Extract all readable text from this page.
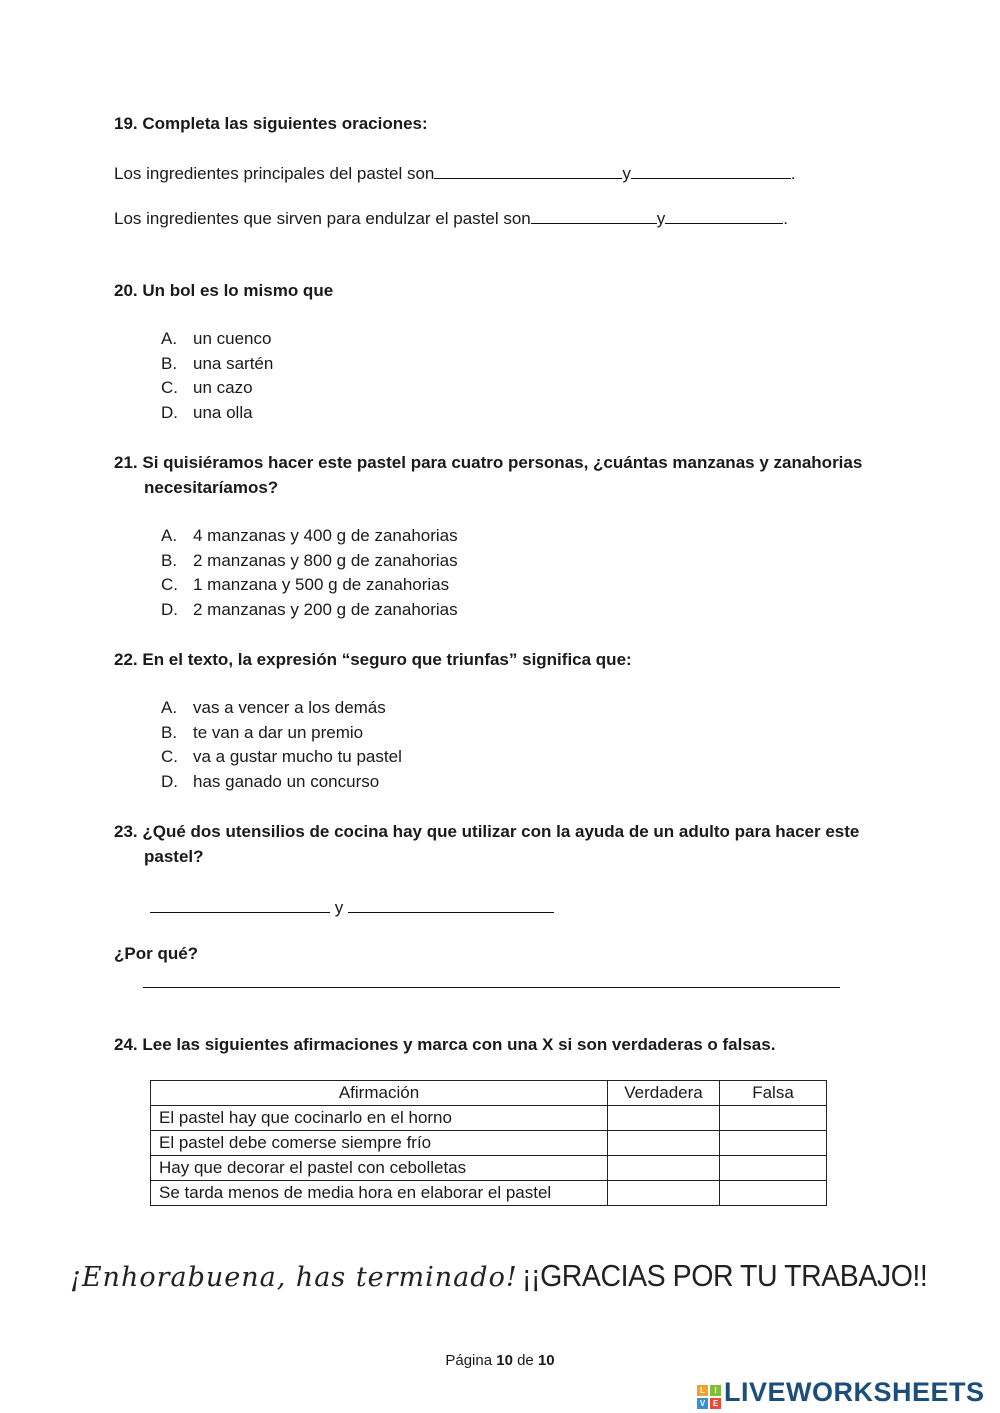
19. Completa las siguientes oraciones:
Los ingredientes principales del pastel son	y	.
Los ingredientes que sirven para endulzar el pastel son	y	.
20. Un bol es lo mismo que
A. un cuenco
B. una sartén
C. un cazo
D. una olla
21. Si quisiéramos hacer este pastel para cuatro personas, ¿cuántas manzanas y zanahorias
necesitaríamos?
A. 4 manzanas y 400 g de zanahorias
B. 2 manzanas y 800 g de zanahorias
C. 1 manzana y 500 g de zanahorias
D. 2 manzanas y 200 g de zanahorias
22. En el texto, la expresión “seguro que triunfas” significa que:
A. vas a vencer a los demás
B. te van a dar un premio
C. va a gustar mucho tu pastel
D. has ganado un concurso
23. ¿Qué dos utensilios de cocina hay que utilizar con la ayuda de un adulto para hacer este
pastel?
y
¿Por qué?
24. Lee las siguientes afirmaciones y marca con una X si son verdaderas o falsas.
Afirmación	Verdadera	Falsa
El pastel hay que cocinarlo en el horno		
El pastel debe comerse siempre frío		
Hay que decorar el pastel con cebolletas		
Se tarda menos de media hora en elaborar el pastel		
¡Enhorabuena, has terminado! ¡¡GRACIAS POR TU TRABAJO!!
Página 10 de 10
L	I
V E LIVEWORKSHEETS
